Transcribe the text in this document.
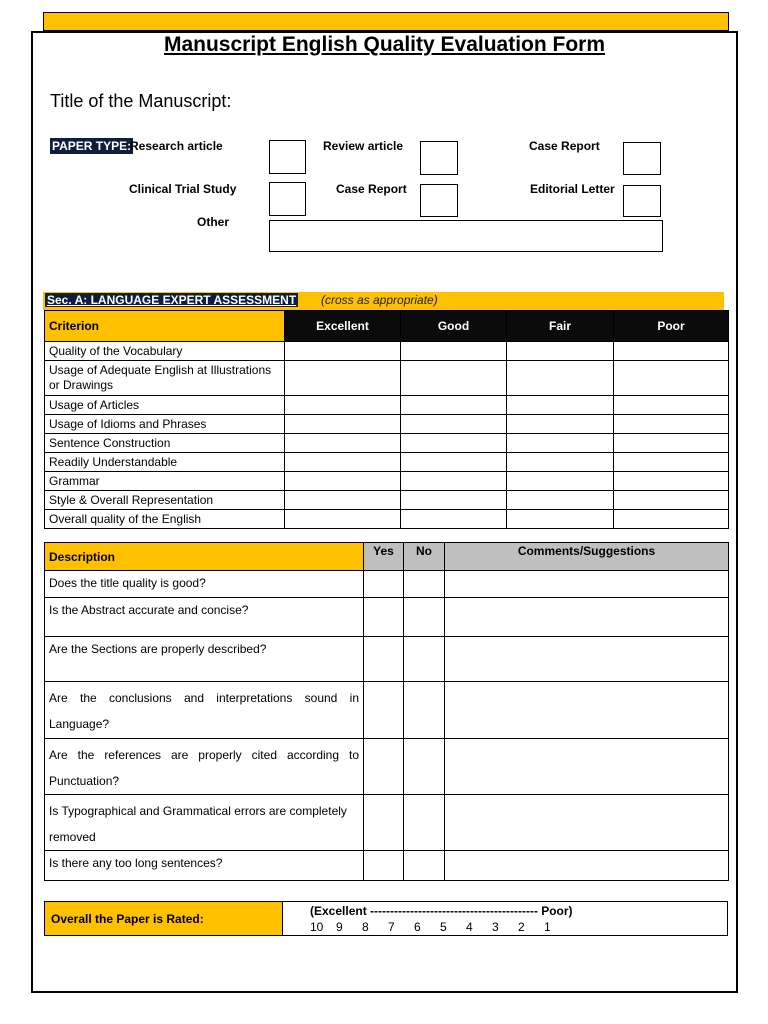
Manuscript English Quality Evaluation Form
Title of the Manuscript:
PAPER TYPE:
Research article	Review article	Case Report
Clinical Trial Study	Case Report	Editorial Letter
Other
Sec. A: LANGUAGE EXPERT ASSESSMENT (cross as appropriate)
Criterion	Excellent	Good	Fair	Poor
Quality of the Vocabulary				
Usage of Adequate English at Illustrations or Drawings				
Usage of Articles				
Usage of Idioms and Phrases				
Sentence Construction				
Readily Understandable				
Grammar				
Style & Overall Representation				
Overall quality of the English				
Description	Yes	No	Comments/Suggestions
Does the title quality is good?			
Is the Abstract accurate and concise?			
Are the Sections are properly described?			
Are the conclusions and interpretations sound in Language?			
Are the references are properly cited according to Punctuation?			
Is Typographical and Grammatical errors are completely removed			
Is there any too long sentences?			
Overall the Paper is Rated:
(Excellent ------------------------------------------ Poor)
10	9	8	7	6	5	4	3	2	1
